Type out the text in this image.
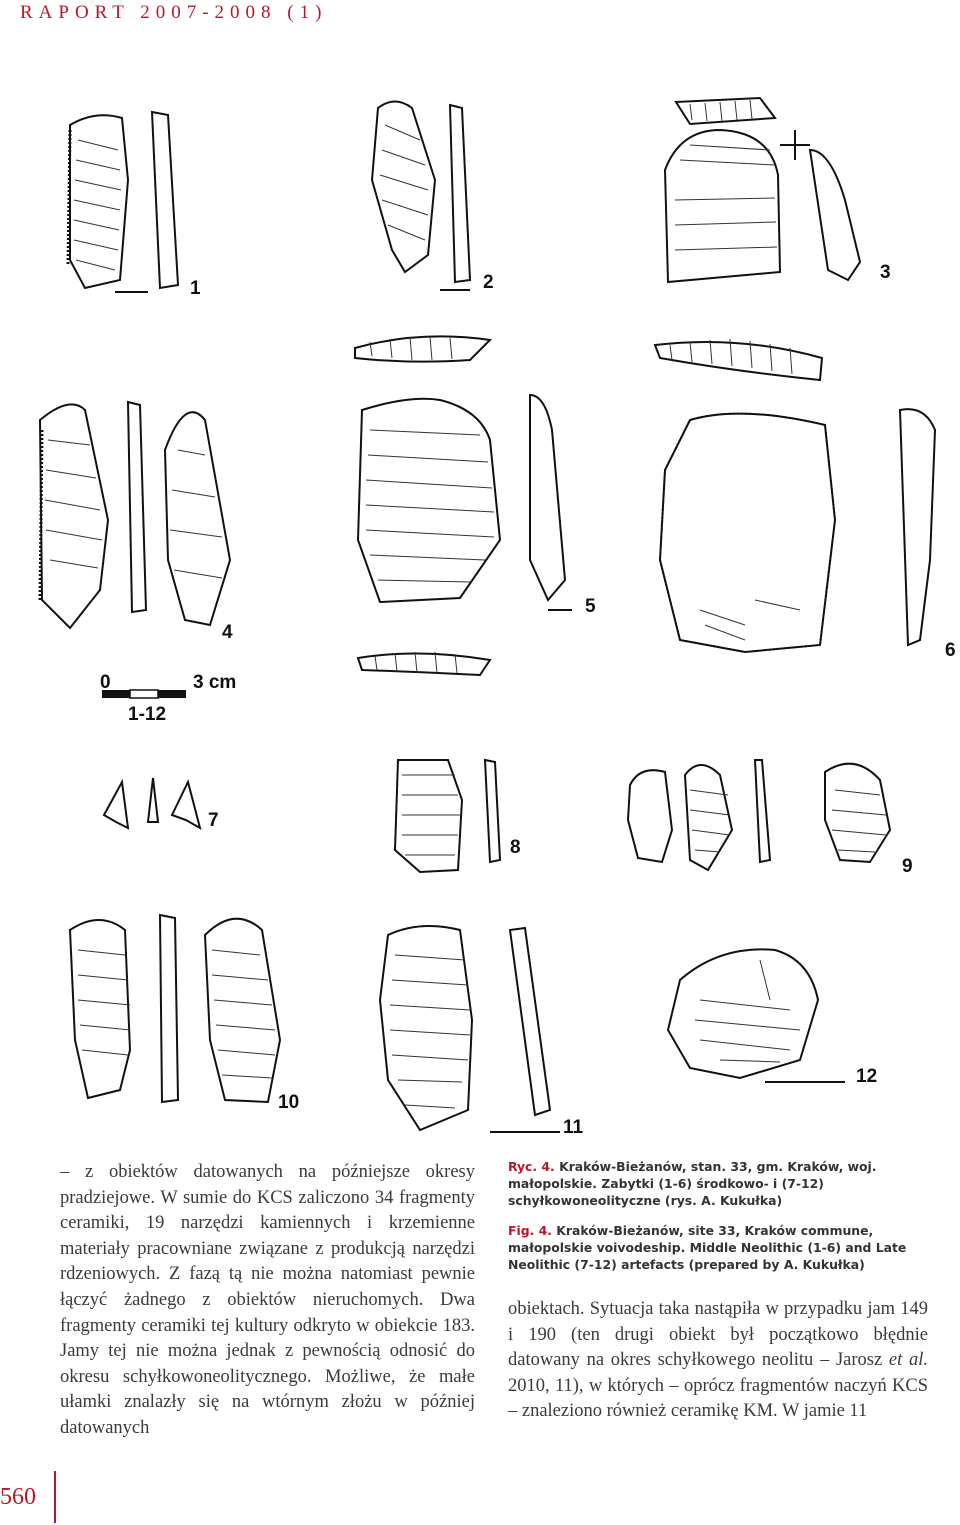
RAPORT 2007-2008 (1)
0	3 cm
1-12
1	2	3
4
5
6
7
8
9
10
11
12

Ryc. 4. Kraków-Bieżanów, stan. 33, gm. Kraków, woj. małopolskie. Zabytki (1-6) środkowo- i (7-12) schyłkowoneolityczne (rys. A. Kukułka)

Fig. 4. Kraków-Bieżanów, site 33, Kraków commune, małopolskie voivodeship. Middle Neolithic (1-6) and Late Neolithic (7-12) artefacts (prepared by A. Kukułka)

– z obiektów datowanych na późniejsze okresy pradziejowe. W sumie do KCS zaliczono 34 fragmenty ceramiki, 19 narzędzi kamiennych i krzemienne materiały pracowniane związane z produkcją narzędzi rdzeniowych. Z fazą tą nie można natomiast pewnie łączyć żadnego z obiektów nieruchomych. Dwa fragmenty ceramiki tej kultury odkryto w obiekcie 183. Jamy tej nie można jednak z pewnością odnosić do okresu schyłkowoneolitycznego. Możliwe, że małe ułamki znalazły się na wtórnym złożu w później datowanych

obiektach. Sytuacja taka nastąpiła w przypadku jam 149 i 190 (ten drugi obiekt był początkowo błędnie datowany na okres schyłkowego neolitu – Jarosz et al. 2010, 11), w których – oprócz fragmentów naczyń KCS – znaleziono również ceramikę KM. W jamie 11

560
